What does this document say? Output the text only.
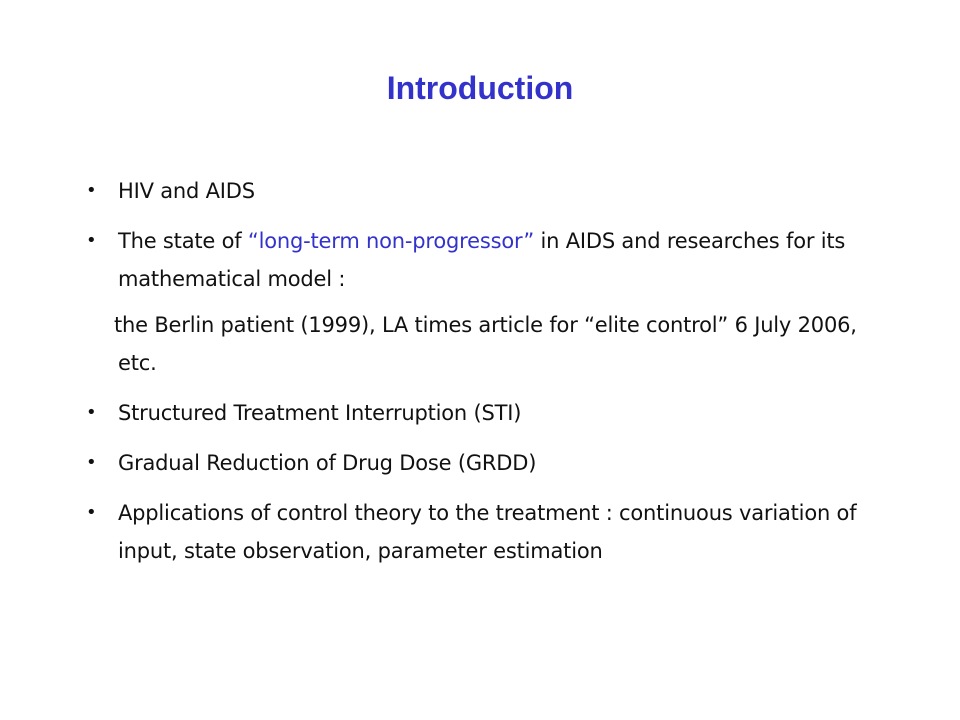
Introduction
•	HIV and AIDS
•	The state of “long-term non-progressor” in AIDS and researches for its mathematical model :
the Berlin patient (1999), LA times article for “elite control” 6 July 2006, etc.
•	Structured Treatment Interruption (STI)
•	Gradual Reduction of Drug Dose (GRDD)
•	Applications of control theory to the treatment : continuous variation of input, state observation, parameter estimation
